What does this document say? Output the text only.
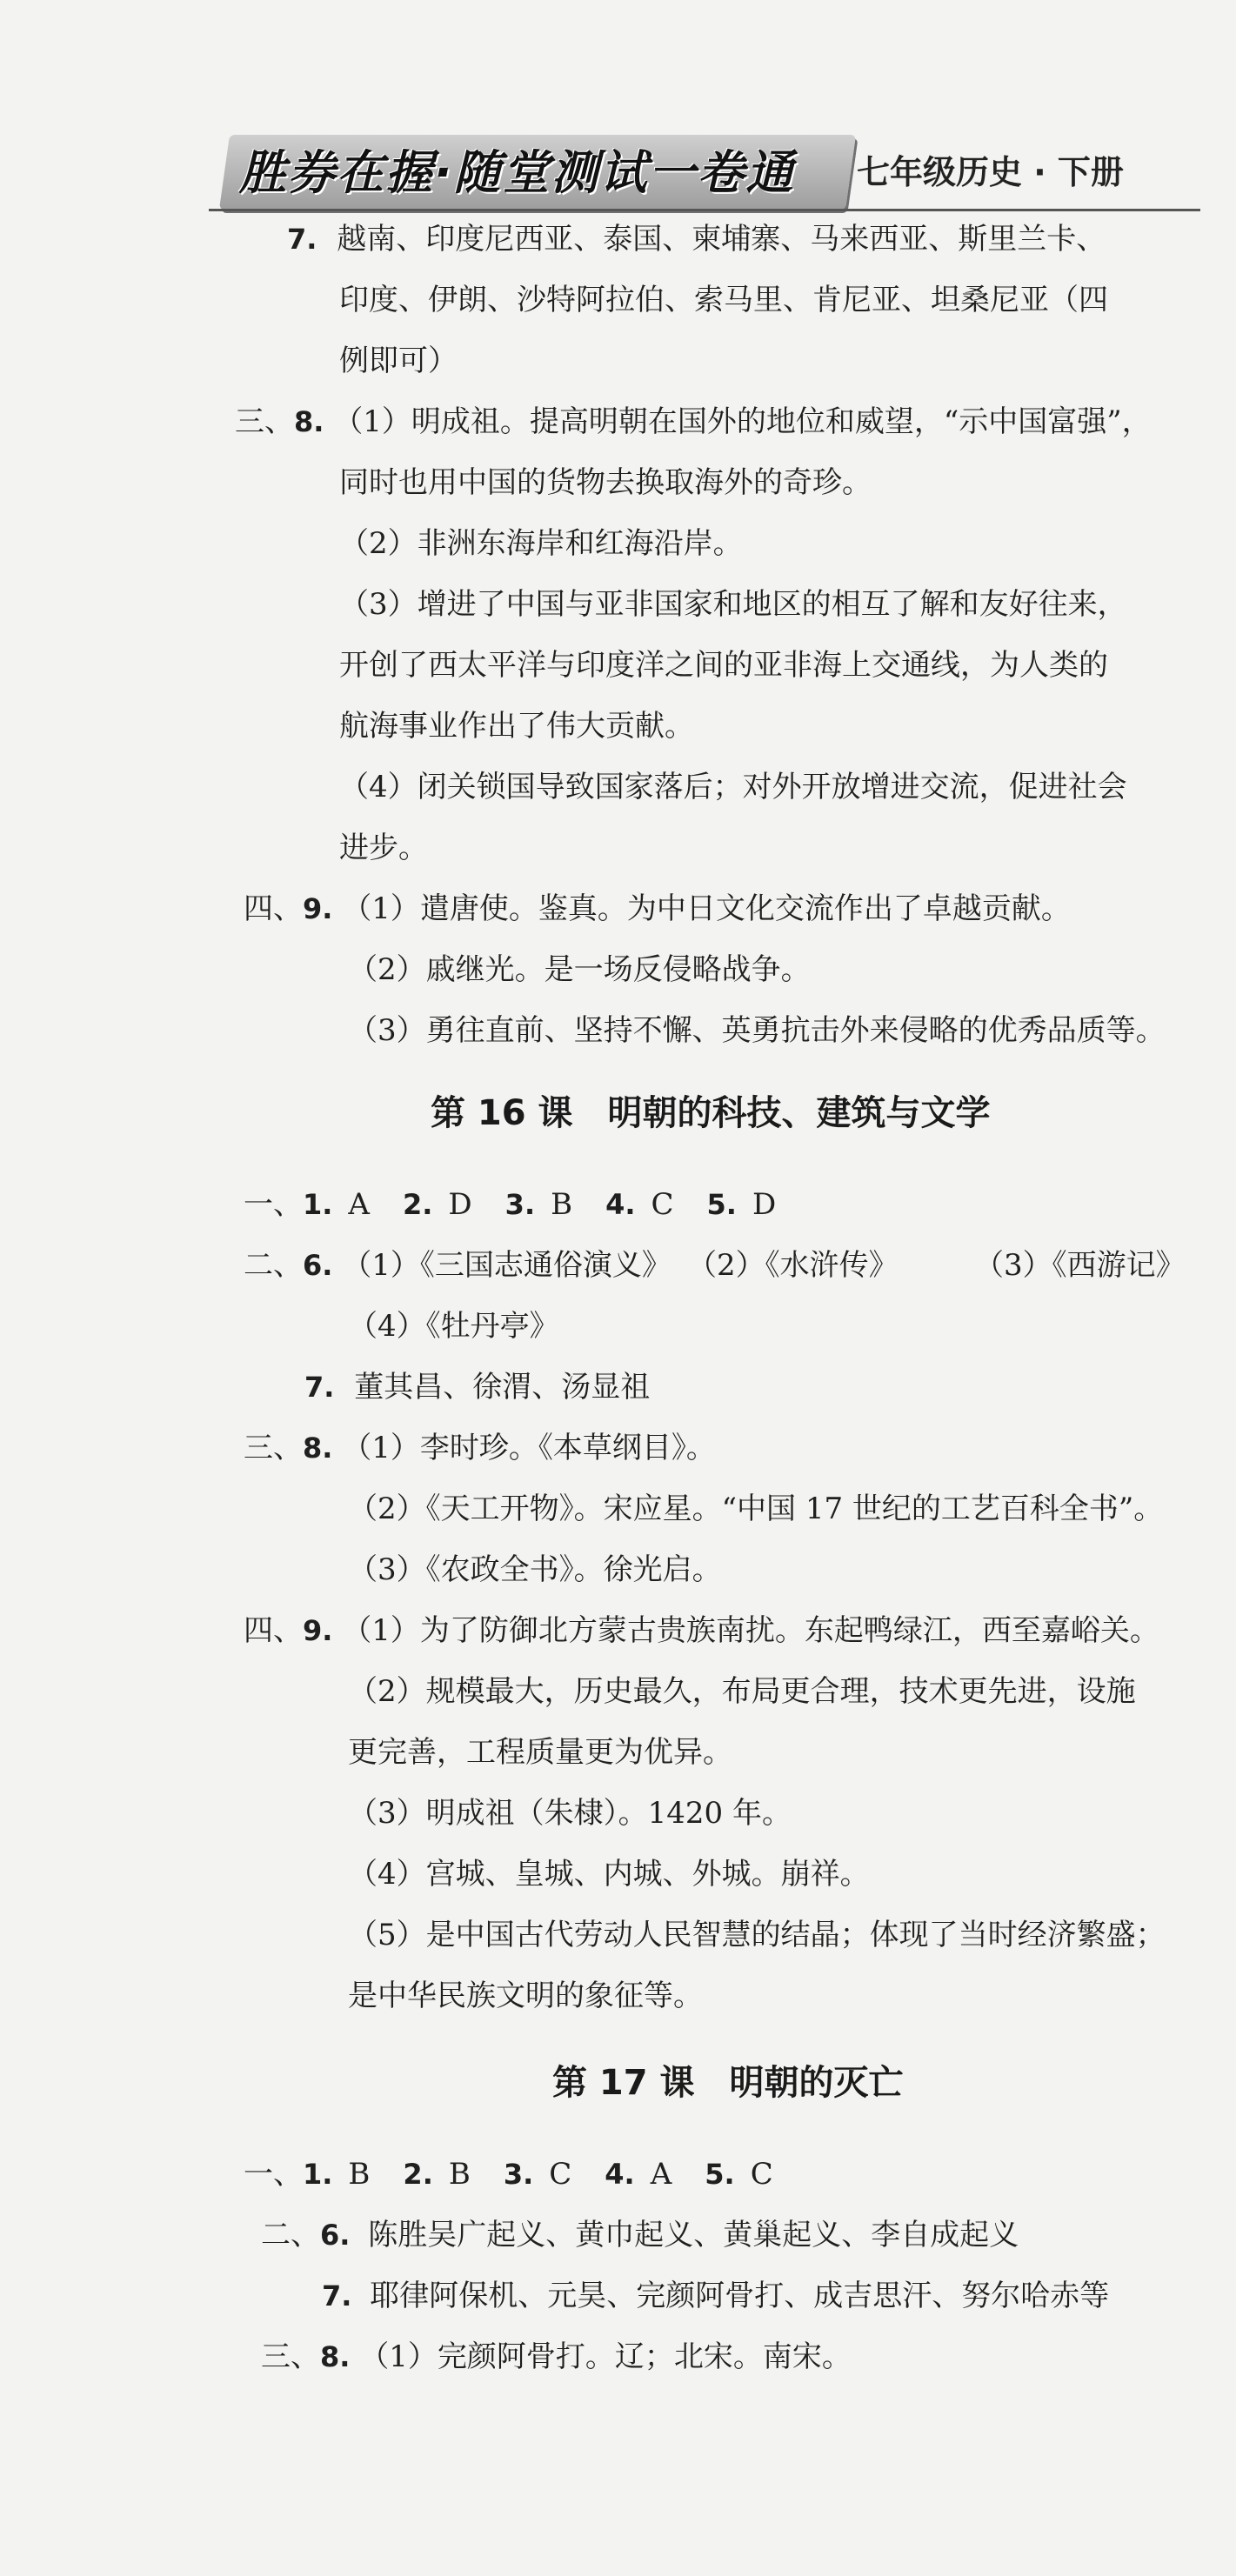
胜券在握·随堂测试一卷通	七年级历史 · 下册
7. 越南、印度尼西亚、泰国、柬埔寨、马来西亚、斯里兰卡、
印度、伊朗、沙特阿拉伯、索马里、肯尼亚、坦桑尼亚（四
例即可）
三、8. （1）明成祖。提高明朝在国外的地位和威望，“示中国富强”，
同时也用中国的货物去换取海外的奇珍。
（2）非洲东海岸和红海沿岸。
（3）增进了中国与亚非国家和地区的相互了解和友好往来，
开创了西太平洋与印度洋之间的亚非海上交通线，为人类的
航海事业作出了伟大贡献。
（4）闭关锁国导致国家落后；对外开放增进交流，促进社会
进步。
四、9. （1）遣唐使。鉴真。为中日文化交流作出了卓越贡献。
（2）戚继光。是一场反侵略战争。
（3）勇往直前、坚持不懈、英勇抗击外来侵略的优秀品质等。
第 16 课　明朝的科技、建筑与文学
一、1. A 2. D 3. B 4. C 5. D
二、6. （1）《三国志通俗演义》 （2）《水浒传》	（3）《西游记》
（4）《牡丹亭》
7. 董其昌、徐渭、汤显祖
三、8. （1）李时珍。《本草纲目》。
（2）《天工开物》。宋应星。“中国 17 世纪的工艺百科全书”。
（3）《农政全书》。徐光启。
四、9. （1）为了防御北方蒙古贵族南扰。东起鸭绿江，西至嘉峪关。
（2）规模最大，历史最久，布局更合理，技术更先进，设施
更完善，工程质量更为优异。
（3）明成祖（朱棣）。1420 年。
（4）宫城、皇城、内城、外城。崩祥。
（5）是中国古代劳动人民智慧的结晶；体现了当时经济繁盛；
是中华民族文明的象征等。
第 17 课　明朝的灭亡
一、1. B 2. B 3. C 4. A 5. C
二、6. 陈胜吴广起义、黄巾起义、黄巢起义、李自成起义
7. 耶律阿保机、元昊、完颜阿骨打、成吉思汗、努尔哈赤等
三、8. （1）完颜阿骨打。辽；北宋。南宋。
